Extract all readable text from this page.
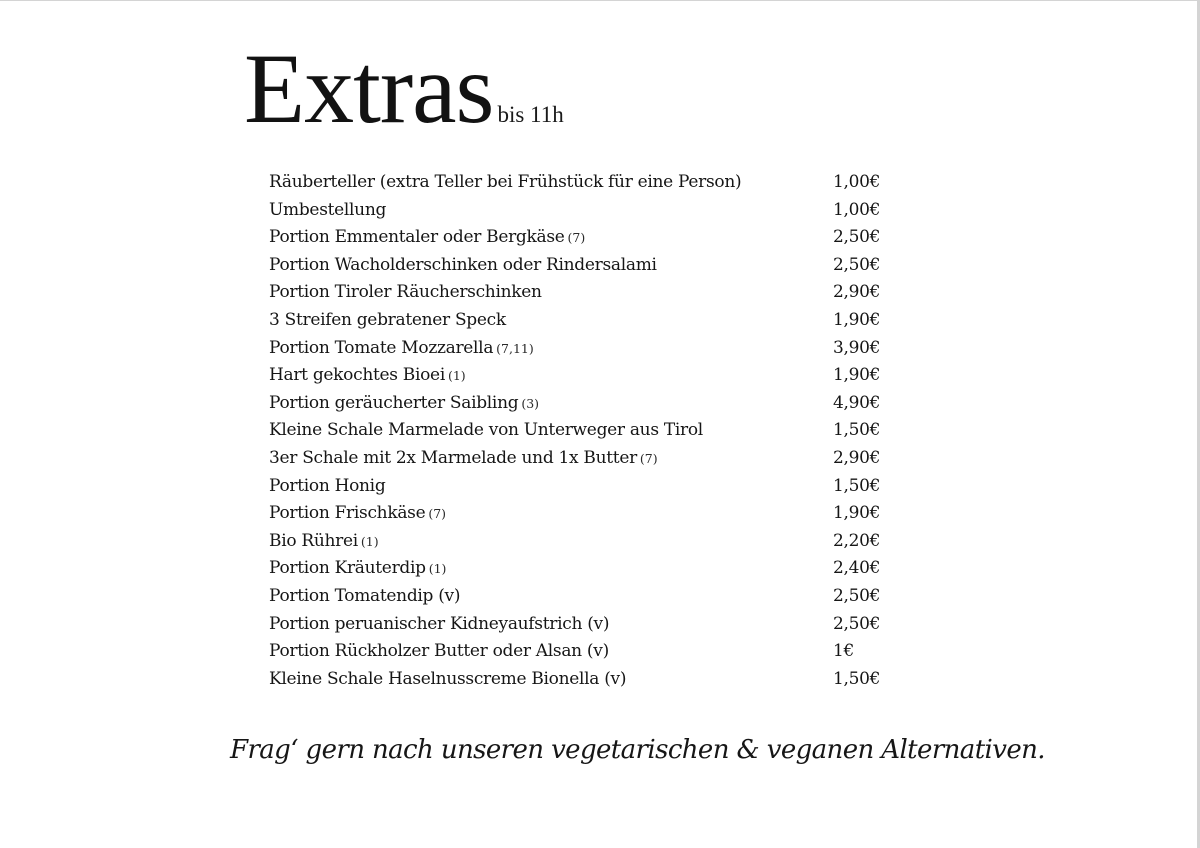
Extras bis 11h
Räuberteller (extra Teller bei Frühstück für eine Person)	1,00€
Umbestellung	1,00€
Portion Emmentaler oder Bergkäse (7)	2,50€
Portion Wacholderschinken oder Rindersalami	2,50€
Portion Tiroler Räucherschinken	2,90€
3 Streifen gebratener Speck	1,90€
Portion Tomate Mozzarella (7,11)	3,90€
Hart gekochtes Bioei (1)	1,90€
Portion geräucherter Saibling (3)	4,90€
Kleine Schale Marmelade von Unterweger aus Tirol	1,50€
3er Schale mit 2x Marmelade und 1x Butter (7)	2,90€
Portion Honig	1,50€
Portion Frischkäse (7)	1,90€
Bio Rührei (1)	2,20€
Portion Kräuterdip (1)	2,40€
Portion Tomatendip (v)	2,50€
Portion peruanischer Kidneyaufstrich (v)	2,50€
Portion Rückholzer Butter oder Alsan (v)	1€
Kleine Schale Haselnusscreme Bionella (v)	1,50€
Frag‘ gern nach unseren vegetarischen & veganen Alternativen.
